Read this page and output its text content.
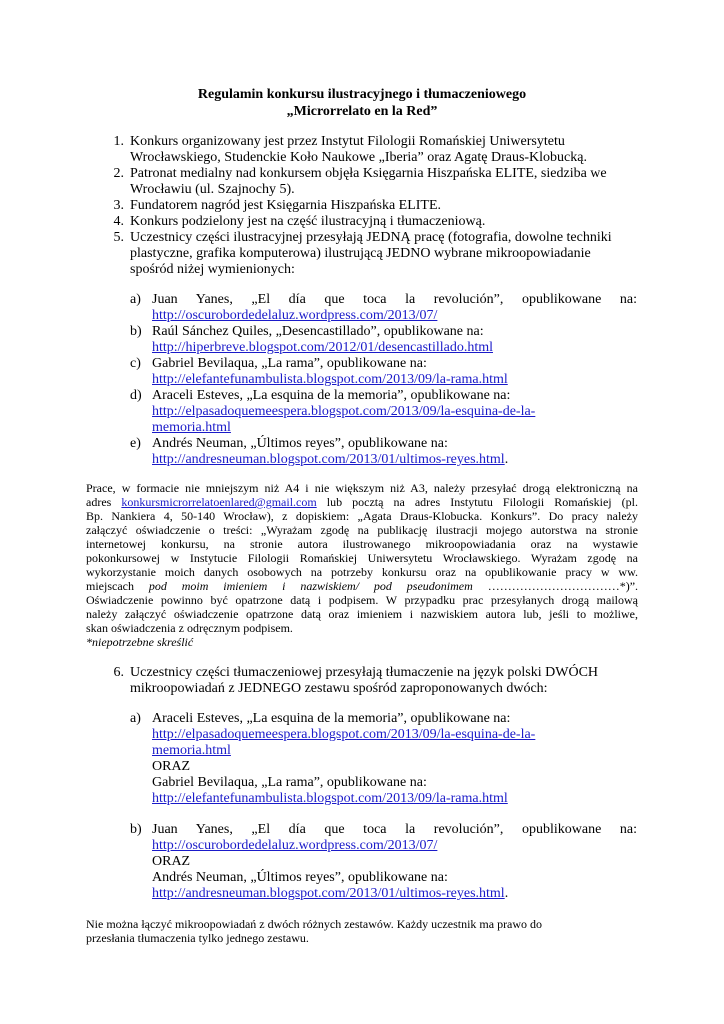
Regulamin konkursu ilustracyjnego i tłumaczeniowego
„Microrrelato en la Red”
1. Konkurs organizowany jest przez Instytut Filologii Romańskiej Uniwersytetu
Wrocławskiego, Studenckie Koło Naukowe „Iberia” oraz Agatę Draus-Klobucką.
2. Patronat medialny nad konkursem objęła Księgarnia Hiszpańska ELITE, siedziba we
Wrocławiu (ul. Szajnochy 5).
3. Fundatorem nagród jest Księgarnia Hiszpańska ELITE.
4. Konkurs podzielony jest na część ilustracyjną i tłumaczeniową.
5. Uczestnicy części ilustracyjnej przesyłają JEDNĄ pracę (fotografia, dowolne techniki
plastyczne, grafika komputerowa) ilustrującą JEDNO wybrane mikroopowiadanie
spośród niżej wymienionych:
a) Juan Yanes, „El día que toca la revolución”, opublikowane na:
http://oscurobordedelaluz.wordpress.com/2013/07/
b) Raúl Sánchez Quiles, „Desencastillado”, opublikowane na:
http://hiperbreve.blogspot.com/2012/01/desencastillado.html
c) Gabriel Bevilaqua, „La rama”, opublikowane na:
http://elefantefunambulista.blogspot.com/2013/09/la-rama.html
d) Araceli Esteves, „La esquina de la memoria”, opublikowane na:
http://elpasadoquemeespera.blogspot.com/2013/09/la-esquina-de-la-
memoria.html
e) Andrés Neuman, „Últimos reyes”, opublikowane na:
http://andresneuman.blogspot.com/2013/01/ultimos-reyes.html.
Prace, w formacie nie mniejszym niż A4 i nie większym niż A3, należy przesyłać drogą elektroniczną na
adres konkursmicrorrelatoenlared@gmail.com lub pocztą na adres Instytutu Filologii Romańskiej (pl.
Bp. Nankiera 4, 50-140 Wrocław), z dopiskiem: „Agata Draus-Klobucka. Konkurs”. Do pracy należy
załączyć oświadczenie o treści: „Wyrażam zgodę na publikację ilustracji mojego autorstwa na stronie
internetowej konkursu, na stronie autora ilustrowanego mikroopowiadania oraz na wystawie
pokonkursowej w Instytucie Filologii Romańskiej Uniwersytetu Wrocławskiego. Wyrażam zgodę na
wykorzystanie moich danych osobowych na potrzeby konkursu oraz na opublikowanie pracy w ww.
miejscach pod moim imieniem i nazwiskiem/ pod pseudonimem ……………………………*)”.
Oświadczenie powinno być opatrzone datą i podpisem. W przypadku prac przesyłanych drogą mailową
należy załączyć oświadczenie opatrzone datą oraz imieniem i nazwiskiem autora lub, jeśli to możliwe,
skan oświadczenia z odręcznym podpisem.
*niepotrzebne skreślić
6. Uczestnicy części tłumaczeniowej przesyłają tłumaczenie na język polski DWÓCH
mikroopowiadań z JEDNEGO zestawu spośród zaproponowanych dwóch:
a) Araceli Esteves, „La esquina de la memoria”, opublikowane na:
http://elpasadoquemeespera.blogspot.com/2013/09/la-esquina-de-la-
memoria.html
ORAZ
Gabriel Bevilaqua, „La rama”, opublikowane na:
http://elefantefunambulista.blogspot.com/2013/09/la-rama.html
b) Juan Yanes, „El día que toca la revolución”, opublikowane na:
http://oscurobordedelaluz.wordpress.com/2013/07/
ORAZ
Andrés Neuman, „Últimos reyes”, opublikowane na:
http://andresneuman.blogspot.com/2013/01/ultimos-reyes.html.
Nie można łączyć mikroopowiadań z dwóch różnych zestawów. Każdy uczestnik ma prawo do
przesłania tłumaczenia tylko jednego zestawu.
